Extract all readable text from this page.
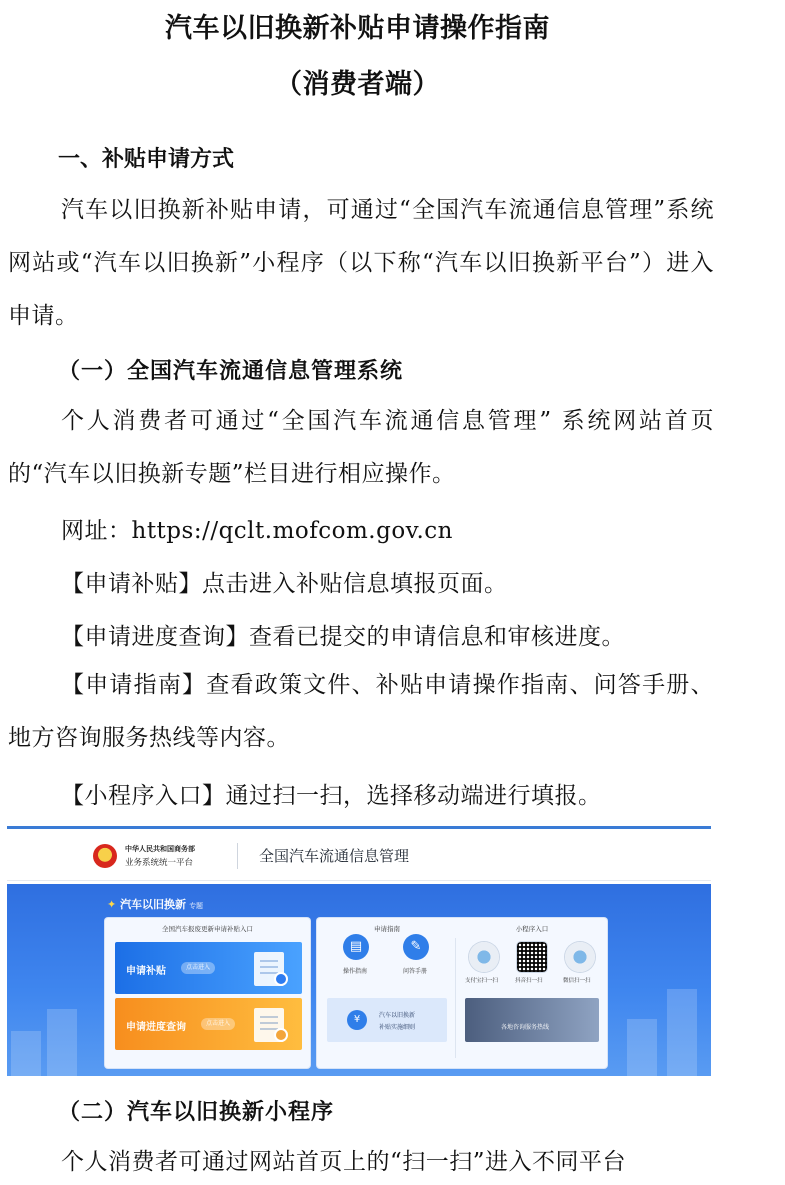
汽车以旧换新补贴申请操作指南
（消费者端）
一、补贴申请方式
汽车以旧换新补贴申请，可通过“全国汽车流通信息管理”系统网站或“汽车以旧换新”小程序（以下称“汽车以旧换新平台”）进入申请。
（一）全国汽车流通信息管理系统
个人消费者可通过“全国汽车流通信息管理” 系统网站首页的“汽车以旧换新专题”栏目进行相应操作。
网址：https://qclt.mofcom.gov.cn
【申请补贴】点击进入补贴信息填报页面。
【申请进度查询】查看已提交的申请信息和审核进度。
【申请指南】查看政策文件、补贴申请操作指南、问答手册、地方咨询服务热线等内容。
【小程序入口】通过扫一扫，选择移动端进行填报。
中华人民共和国商务部
业务系统统一平台	全国汽车流通信息管理
✦ 汽车以旧换新 专题
全国汽车报废更新申请补贴入口
申请补贴	点击进入
申请进度查询	点击进入
申请指南	小程序入口
▤
操作指南
✎
问答手册
¥	汽车以旧换新
补贴实施细则
支付宝扫一扫	抖音扫一扫	微信扫一扫
各地咨询服务热线
（二）汽车以旧换新小程序
个人消费者可通过网站首页上的“扫一扫”进入不同平台
